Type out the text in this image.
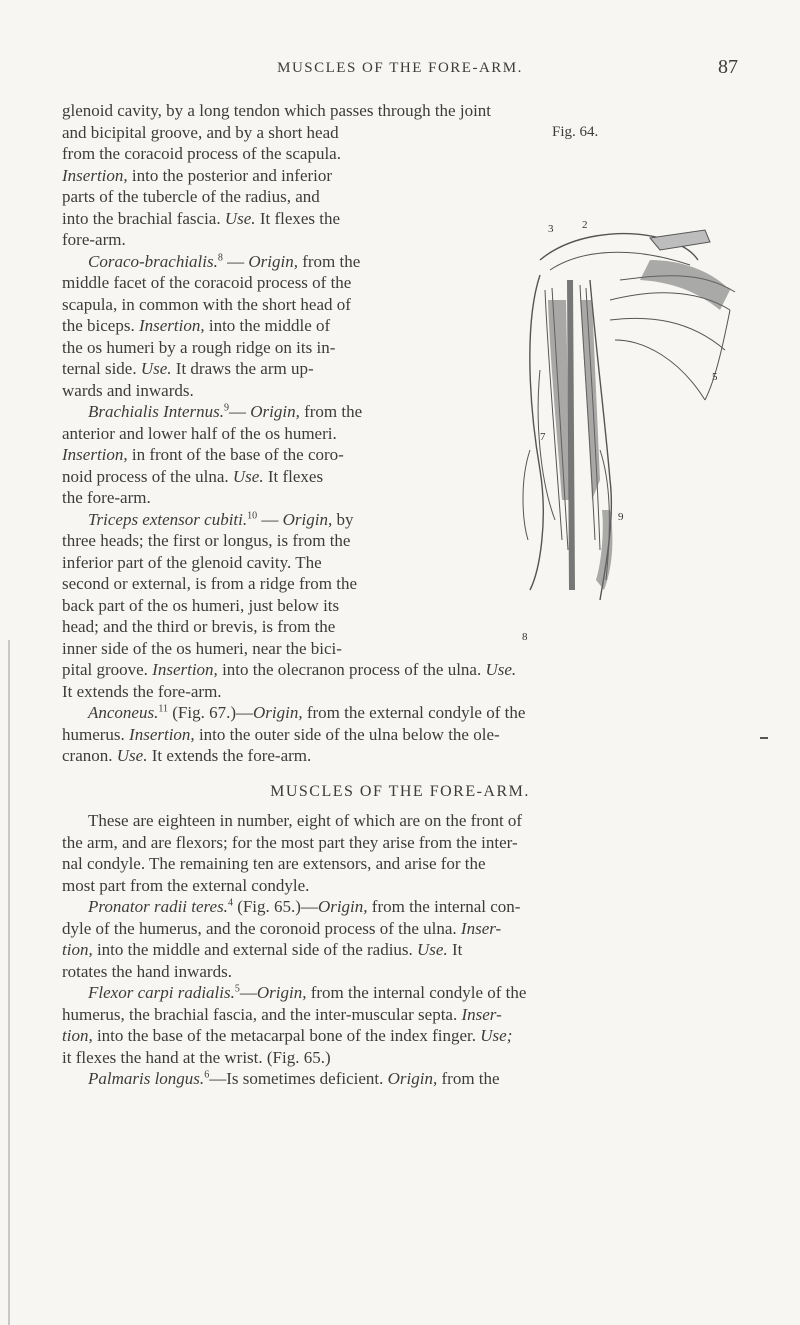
MUSCLES OF THE FORE-ARM.	87
Fig. 64.
3	2
5
7
8
9

glenoid cavity, by a long tendon which passes through the joint

and bicipital groove, and by a short head
from the coracoid process of the scapula.
Insertion, into the posterior and inferior
parts of the tubercle of the radius, and
into the brachial fascia. Use. It flexes the
fore-arm.

Coraco-brachialis.$^8$ — Origin, from the
middle facet of the coracoid process of the
scapula, in common with the short head of
the biceps. Insertion, into the middle of
the os humeri by a rough ridge on its in-
ternal side. Use. It draws the arm up-
wards and inwards.

Brachialis Internus.$^9$— Origin, from the
anterior and lower half of the os humeri.
Insertion, in front of the base of the coro-
noid process of the ulna. Use. It flexes
the fore-arm.

Triceps extensor cubiti.$^{10}$ — Origin, by
three heads; the first or longus, is from the
inferior part of the glenoid cavity. The
second or external, is from a ridge from the
back part of the os humeri, just below its
head; and the third or brevis, is from the
inner side of the os humeri, near the bici-

pital groove. Insertion, into the olecranon process of the ulna. Use.
It extends the fore-arm.

Anconeus.$^{11}$ (Fig. 67.)—Origin, from the external condyle of the
humerus. Insertion, into the outer side of the ulna below the ole-
cranon. Use. It extends the fore-arm.

MUSCLES OF THE FORE-ARM.

These are eighteen in number, eight of which are on the front of
the arm, and are flexors; for the most part they arise from the inter-
nal condyle. The remaining ten are extensors, and arise for the
most part from the external condyle.

Pronator radii teres.$^4$ (Fig. 65.)—Origin, from the internal con-
dyle of the humerus, and the coronoid process of the ulna. Inser-
tion, into the middle and external side of the radius. Use. It
rotates the hand inwards.

Flexor carpi radialis.$^5$—Origin, from the internal condyle of the
humerus, the brachial fascia, and the inter-muscular septa. Inser-
tion, into the base of the metacarpal bone of the index finger. Use;
it flexes the hand at the wrist. (Fig. 65.)

Palmaris longus.$^6$—Is sometimes deficient. Origin, from the
